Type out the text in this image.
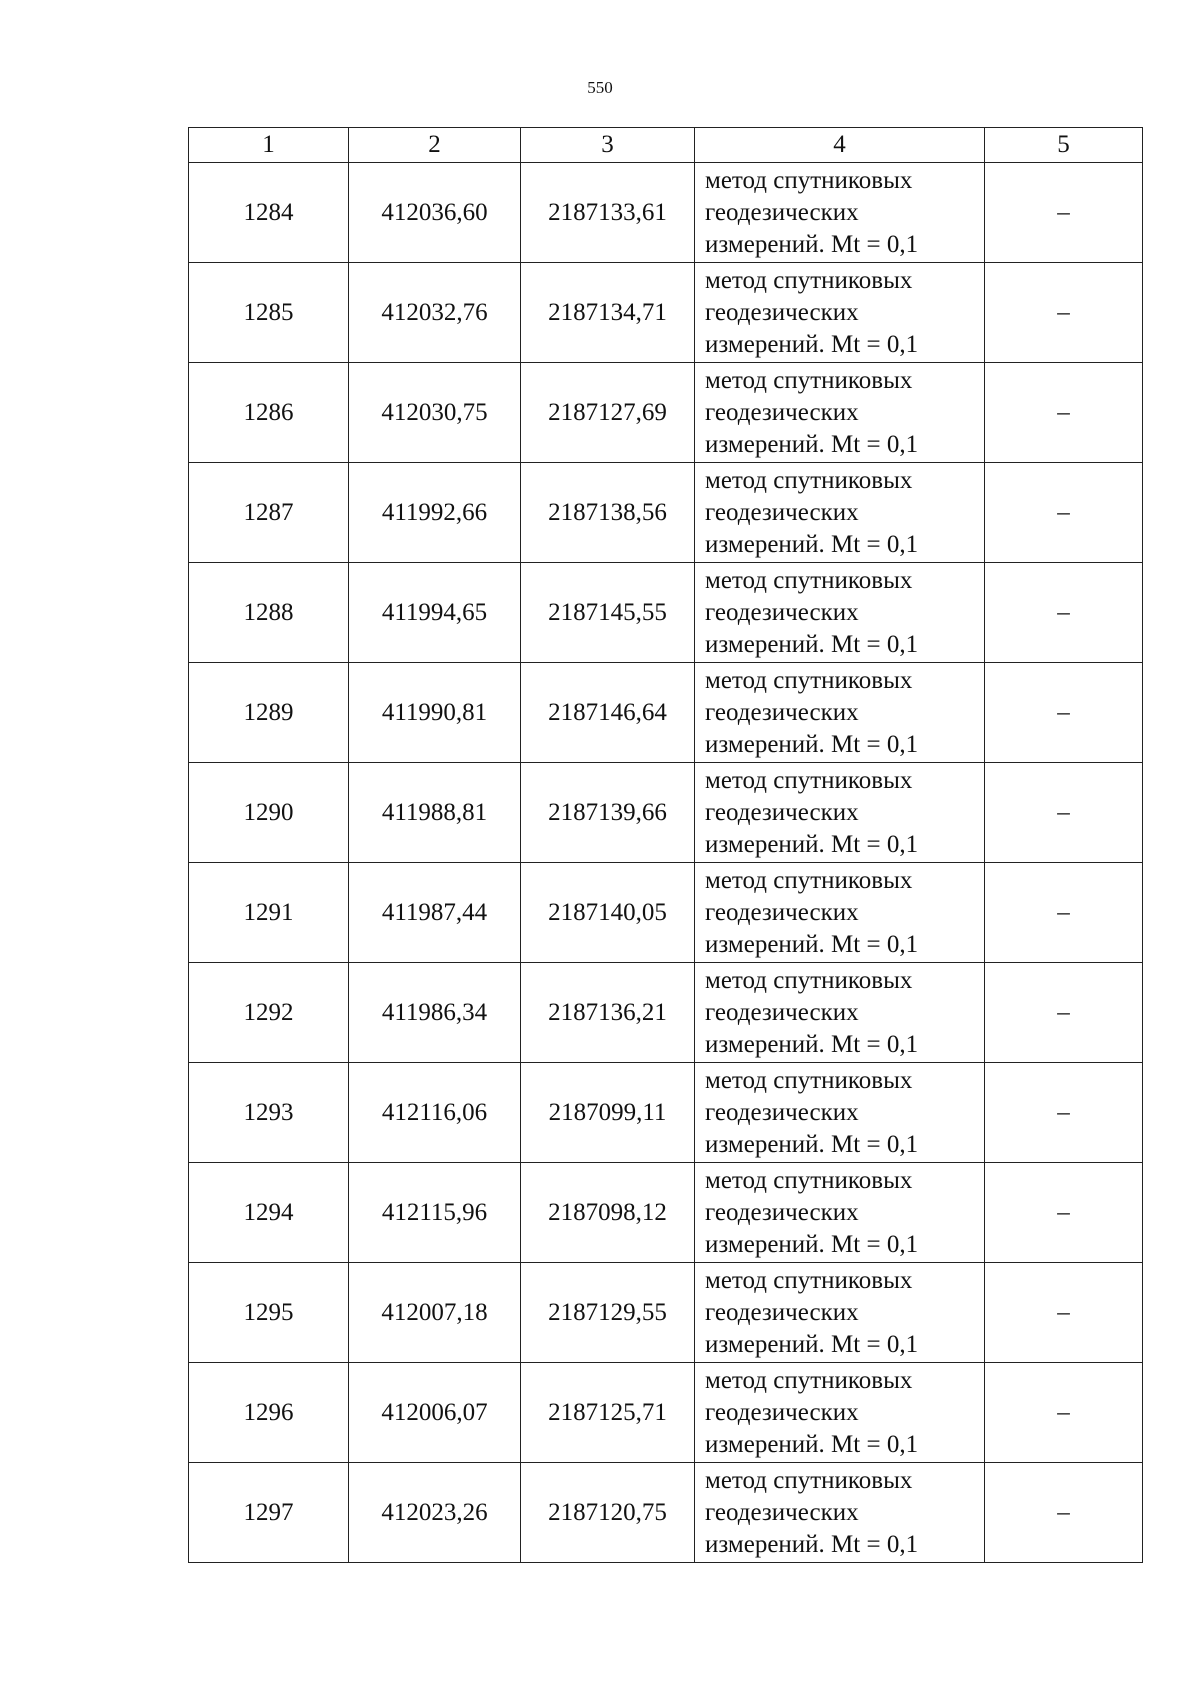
550
1	2	3	4	5
1284	412036,60	2187133,61	метод спутниковых
геодезических
измерений. Mt = 0,1	–
1285	412032,76	2187134,71	метод спутниковых
геодезических
измерений. Mt = 0,1	–
1286	412030,75	2187127,69	метод спутниковых
геодезических
измерений. Mt = 0,1	–
1287	411992,66	2187138,56	метод спутниковых
геодезических
измерений. Mt = 0,1	–
1288	411994,65	2187145,55	метод спутниковых
геодезических
измерений. Mt = 0,1	–
1289	411990,81	2187146,64	метод спутниковых
геодезических
измерений. Mt = 0,1	–
1290	411988,81	2187139,66	метод спутниковых
геодезических
измерений. Mt = 0,1	–
1291	411987,44	2187140,05	метод спутниковых
геодезических
измерений. Mt = 0,1	–
1292	411986,34	2187136,21	метод спутниковых
геодезических
измерений. Mt = 0,1	–
1293	412116,06	2187099,11	метод спутниковых
геодезических
измерений. Mt = 0,1	–
1294	412115,96	2187098,12	метод спутниковых
геодезических
измерений. Mt = 0,1	–
1295	412007,18	2187129,55	метод спутниковых
геодезических
измерений. Mt = 0,1	–
1296	412006,07	2187125,71	метод спутниковых
геодезических
измерений. Mt = 0,1	–
1297	412023,26	2187120,75	метод спутниковых
геодезических
измерений. Mt = 0,1	–
